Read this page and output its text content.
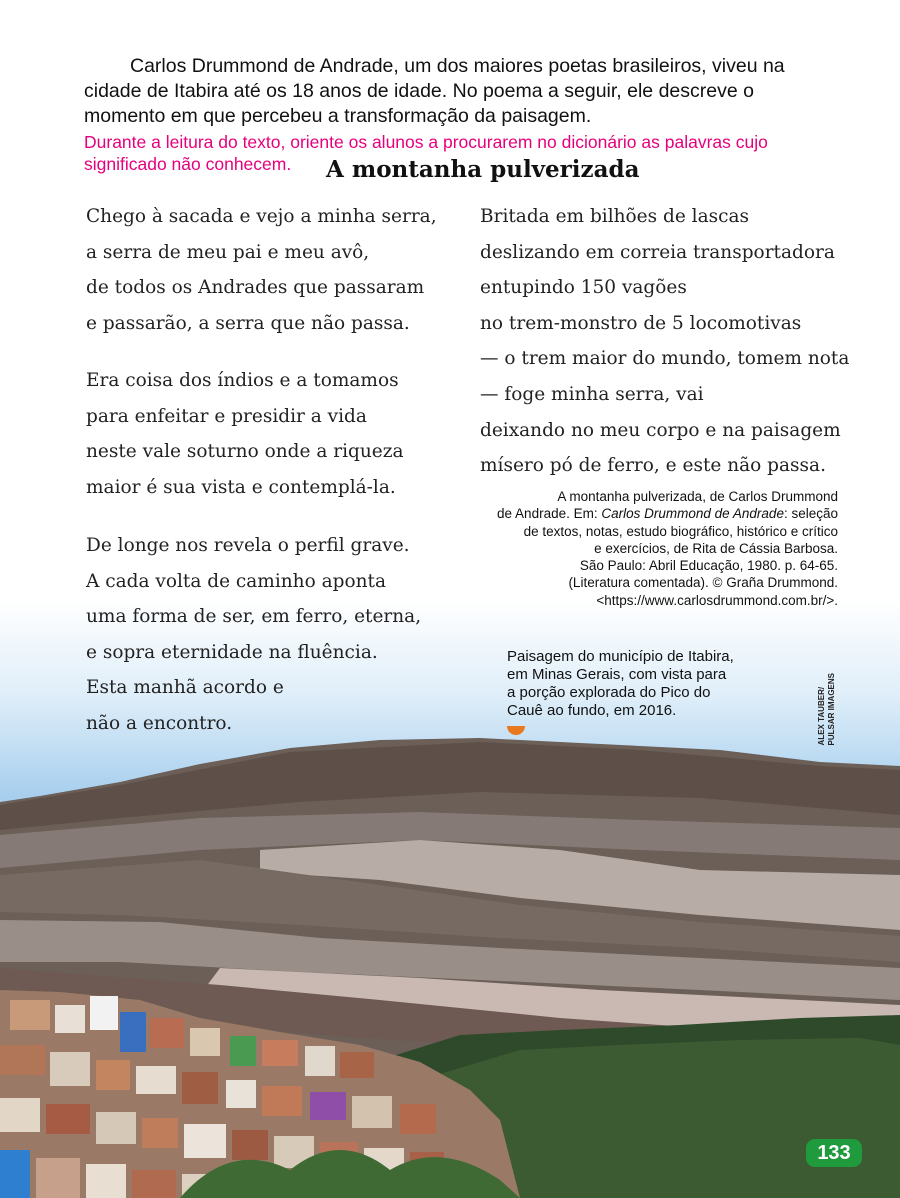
Carlos Drummond de Andrade, um dos maiores poetas brasileiros, viveu na cidade de Itabira até os 18 anos de idade. No poema a seguir, ele descreve o momento em que percebeu a transformação da paisagem.

Durante a leitura do texto, oriente os alunos a procurarem no dicionário as palavras cujo significado não conhecem.	A montanha pulverizada

Chego à sacada e vejo a minha serra,
a serra de meu pai e meu avô,
de todos os Andrades que passaram
e passarão, a serra que não passa.

Era coisa dos índios e a tomamos
para enfeitar e presidir a vida
neste vale soturno onde a riqueza
maior é sua vista e contemplá-la.

De longe nos revela o perfil grave.
A cada volta de caminho aponta
uma forma de ser, em ferro, eterna,
e sopra eternidade na fluência.
Esta manhã acordo e
não a encontro.

Britada em bilhões de lascas
deslizando em correia transportadora
entupindo 150 vagões
no trem-monstro de 5 locomotivas
— o trem maior do mundo, tomem nota
— foge minha serra, vai
deixando no meu corpo e na paisagem
mísero pó de ferro, e este não passa.

A montanha pulverizada, de Carlos Drummond
de Andrade. Em: Carlos Drummond de Andrade: seleção
de textos, notas, estudo biográfico, histórico e crítico
e exercícios, de Rita de Cássia Barbosa.
São Paulo: Abril Educação, 1980. p. 64-65.
(Literatura comentada). © Graña Drummond.
<https://www.carlosdrummond.com.br/>.

Paisagem do município de Itabira,
em Minas Gerais, com vista para
a porção explorada do Pico do
Cauê ao fundo, em 2016.	ALEX TAUBER/ PULSAR IMAGENS
133
